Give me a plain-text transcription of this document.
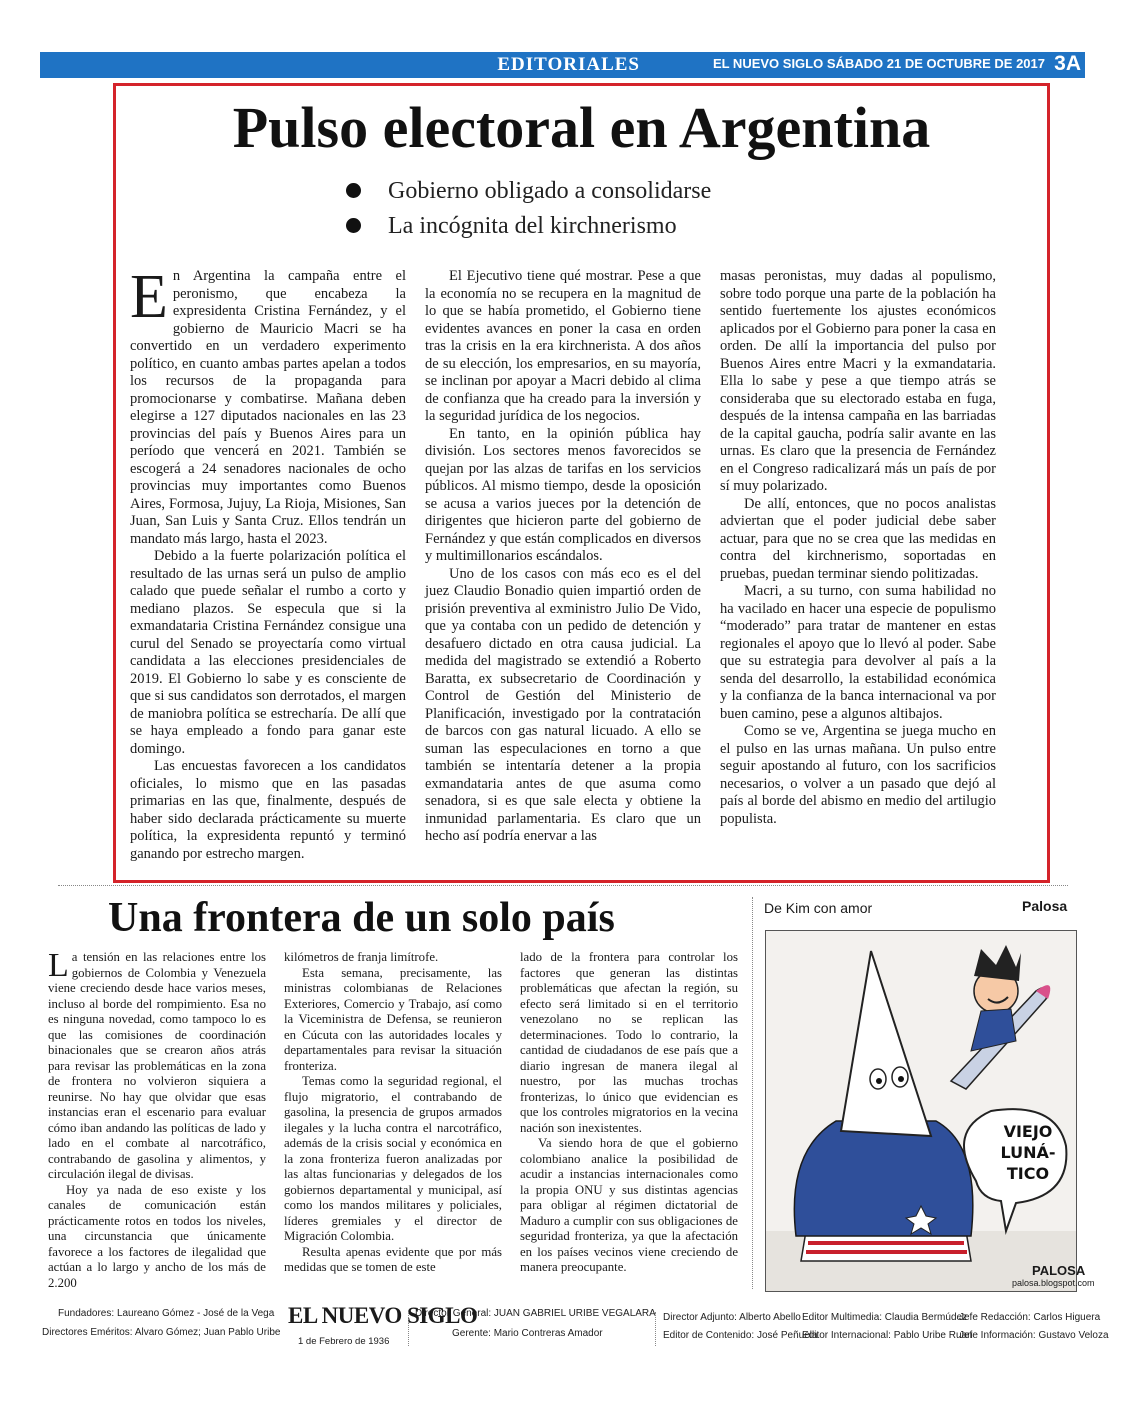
EDITORIALES	EL NUEVO SIGLO SÁBADO 21 DE OCTUBRE DE 2017 3A
Pulso electoral en Argentina
Gobierno obligado a consolidarse
La incógnita del kirchnerismo

En Argentina la campaña entre el peronismo, que encabeza la expresidenta Cristina Fernández, y el gobierno de Mauricio Macri se ha convertido en un verdadero experimento político, en cuanto ambas partes apelan a todos los recursos de la propaganda para promocionarse y combatirse. Mañana deben elegirse a 127 diputados nacionales en las 23 provincias del país y Buenos Aires para un período que vencerá en 2021. También se escogerá a 24 senadores nacionales de ocho provincias muy importantes como Buenos Aires, Formosa, Jujuy, La Rioja, Misiones, San Juan, San Luis y Santa Cruz. Ellos tendrán un mandato más largo, hasta el 2023.

Debido a la fuerte polarización política el resultado de las urnas será un pulso de amplio calado que puede señalar el rumbo a corto y mediano plazos. Se especula que si la exmandataria Cristina Fernández consigue una curul del Senado se proyectaría como virtual candidata a las elecciones presidenciales de 2019. El Gobierno lo sabe y es consciente de que si sus candidatos son derrotados, el margen de maniobra política se estrecharía. De allí que se haya empleado a fondo para ganar este domingo.

Las encuestas favorecen a los candidatos oficiales, lo mismo que en las pasadas primarias en las que, finalmente, después de haber sido declarada prácticamente su muerte política, la expresidenta repuntó y terminó ganando por estrecho margen.

El Ejecutivo tiene qué mostrar. Pese a que la economía no se recupera en la magnitud de lo que se había prometido, el Gobierno tiene evidentes avances en poner la casa en orden tras la crisis en la era kirchnerista. A dos años de su elección, los empresarios, en su mayoría, se inclinan por apoyar a Macri debido al clima de confianza que ha creado para la inversión y la seguridad jurídica de los negocios.

En tanto, en la opinión pública hay división. Los sectores menos favorecidos se quejan por las alzas de tarifas en los servicios públicos. Al mismo tiempo, desde la oposición se acusa a varios jueces por la detención de dirigentes que hicieron parte del gobierno de Fernández y que están complicados en diversos y multimillonarios escándalos.

Uno de los casos con más eco es el del juez Claudio Bonadio quien impartió orden de prisión preventiva al exministro Julio De Vido, que ya contaba con un pedido de detención y desafuero dictado en otra causa judicial. La medida del magistrado se extendió a Roberto Baratta, ex subsecretario de Coordinación y Control de Gestión del Ministerio de Planificación, investigado por la contratación de barcos con gas natural licuado. A ello se suman las especulaciones en torno a que también se intentaría detener a la propia exmandataria antes de que asuma como senadora, si es que sale electa y obtiene la inmunidad parlamentaria. Es claro que un hecho así podría enervar a las

masas peronistas, muy dadas al populismo, sobre todo porque una parte de la población ha sentido fuertemente los ajustes económicos aplicados por el Gobierno para poner la casa en orden. De allí la importancia del pulso por Buenos Aires entre Macri y la exmandataria. Ella lo sabe y pese a que tiempo atrás se consideraba que su electorado estaba en fuga, después de la intensa campaña en las barriadas de la capital gaucha, podría salir avante en las urnas. Es claro que la presencia de Fernández en el Congreso radicalizará más un país de por sí muy polarizado.

De allí, entonces, que no pocos analistas adviertan que el poder judicial debe saber actuar, para que no se crea que las medidas en contra del kirchnerismo, soportadas en pruebas, puedan terminar siendo politizadas.

Macri, a su turno, con suma habilidad no ha vacilado en hacer una especie de populismo “moderado” para tratar de mantener en estas regionales el apoyo que lo llevó al poder. Sabe que su estrategia para devolver al país a la senda del desarrollo, la estabilidad económica y la confianza de la banca internacional va por buen camino, pese a algunos altibajos.

Como se ve, Argentina se juega mucho en el pulso en las urnas mañana. Un pulso entre seguir apostando al futuro, con los sacrificios necesarios, o volver a un pasado que dejó al país al borde del abismo en medio del artilugio populista.

Una frontera de un solo país

La tensión en las relaciones entre los gobiernos de Colombia y Venezuela viene creciendo desde hace varios meses, incluso al borde del rompimiento. Esa no es ninguna novedad, como tampoco lo es que las comisiones de coordinación binacionales que se crearon años atrás para revisar las problemáticas en la zona de frontera no volvieron siquiera a reunirse. No hay que olvidar que esas instancias eran el escenario para evaluar cómo iban andando las políticas de lado y lado en el combate al narcotráfico, contrabando de gasolina y alimentos, y circulación ilegal de divisas.

Hoy ya nada de eso existe y los canales de comunicación están prácticamente rotos en todos los niveles, una circunstancia que únicamente favorece a los factores de ilegalidad que actúan a lo largo y ancho de los más de 2.200

kilómetros de franja limítrofe.

Esta semana, precisamente, las ministras colombianas de Relaciones Exteriores, Comercio y Trabajo, así como la Viceministra de Defensa, se reunieron en Cúcuta con las autoridades locales y departamentales para revisar la situación fronteriza.

Temas como la seguridad regional, el flujo migratorio, el contrabando de gasolina, la presencia de grupos armados ilegales y la lucha contra el narcotráfico, además de la crisis social y económica en la zona fronteriza fueron analizadas por las altas funcionarias y delegados de los gobiernos departamental y municipal, así como los mandos militares y policiales, líderes gremiales y el director de Migración Colombia.

Resulta apenas evidente que por más medidas que se tomen de este

lado de la frontera para controlar los factores que generan las distintas problemáticas que afectan la región, su efecto será limitado si en el territorio venezolano no se replican las determinaciones. Todo lo contrario, la cantidad de ciudadanos de ese país que a diario ingresan de manera ilegal al nuestro, por las muchas trochas fronterizas, lo único que evidencian es que los controles migratorios en la vecina nación son inexistentes.

Va siendo hora de que el gobierno colombiano analice la posibilidad de acudir a instancias internacionales como la propia ONU y sus distintas agencias para obligar al régimen dictatorial de Maduro a cumplir con sus obligaciones de seguridad fronteriza, ya que la afectación en los países vecinos viene creciendo de manera preocupante.

De Kim con amor	Palosa
VIEJO
LUNÁ-
TICO
PALOSA
palosa.blogspot.com
Fundadores: Laureano Gómez - José de la Vega
Directores Eméritos: Alvaro Gómez; Juan Pablo Uribe
Director General: JUAN GABRIEL URIBE VEGALARA
Gerente: Mario Contreras Amador
Director Adjunto: Alberto Abello
Editor de Contenido: José Peñuela
Editor Multimedia: Claudia Bermúdez
Editor Internacional: Pablo Uribe Ruan
Jefe Redacción: Carlos Higuera
Jefe Información: Gustavo Veloza
EL NUEVO SIGLO
1 de Febrero de 1936
